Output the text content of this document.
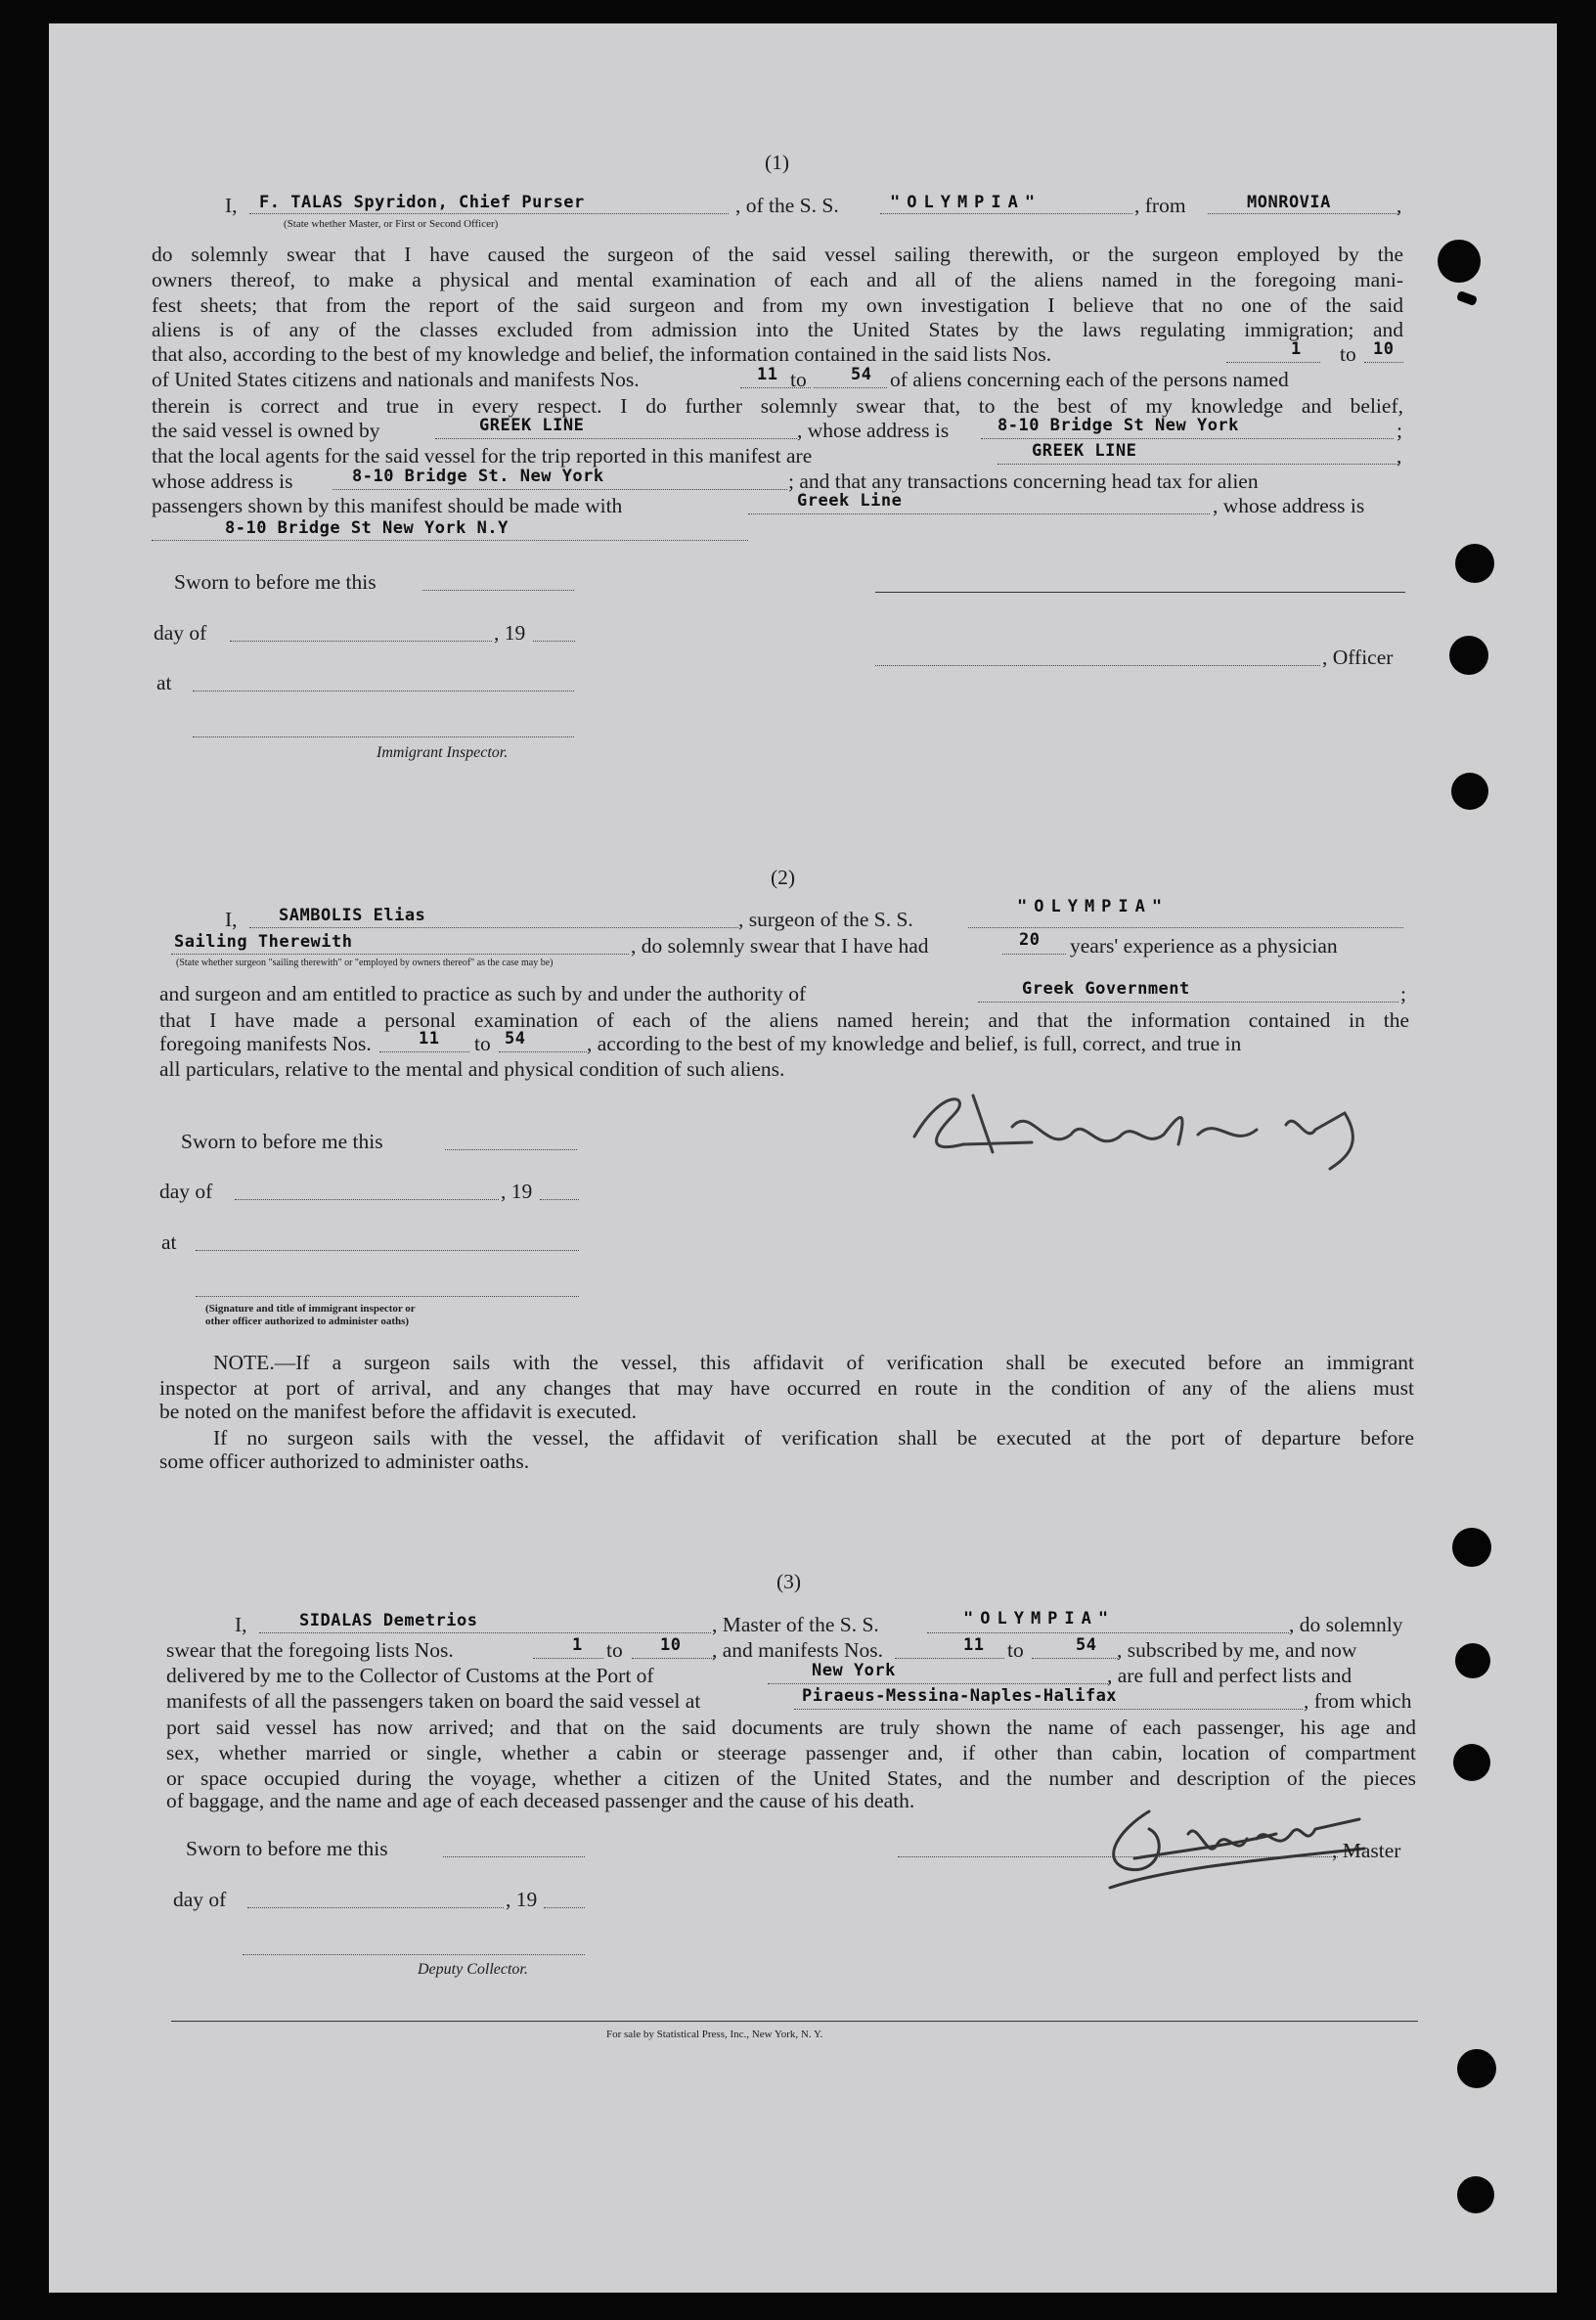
(1)
I, F. TALAS Spyridon, Chief Purser	, of the S. S.	"OLYMPIA"	, from	MONROVIA	,
(State whether Master, or First or Second Officer)
do solemnly swear that I have caused the surgeon of the said vessel sailing therewith, or the surgeon employed by the
owners thereof, to make a physical and mental examination of each and all of the aliens named in the foregoing mani-
fest sheets; that from the report of the said surgeon and from my own investigation I believe that no one of the said
aliens is of any of the classes excluded from admission into the United States by the laws regulating immigration; and
that also, according to the best of my knowledge and belief, the information contained in the said lists Nos.	1 to 10
of United States citizens and nationals and manifests Nos.	11 to	54 of aliens concerning each of the persons named
therein is correct and true in every respect. I do further solemnly swear that, to the best of my knowledge and belief,
the said vessel is owned by	GREEK LINE	, whose address is	8-10 Bridge St New York	;
that the local agents for the said vessel for the trip reported in this manifest are	GREEK LINE	,
whose address is	8-10 Bridge St. New York	; and that any transactions concerning head tax for alien
passengers shown by this manifest should be made with	Greek Line	, whose address is
8-10 Bridge St New York N.Y
Sworn to before me this
day of	, 19
, Officer
at
Immigrant Inspector.
(2)
I, SAMBOLIS Elias	, surgeon of the S. S.
"OLYMPIA"
Sailing Therewith	, do solemnly swear that I have had	20 years' experience as a physician
(State whether surgeon "sailing therewith" or "employed by owners thereof" as the case may be)
and surgeon and am entitled to practice as such by and under the authority of	Greek Government	;
that I have made a personal examination of each of the aliens named herein; and that the information contained in the
foregoing manifests Nos.	11 to 54	, according to the best of my knowledge and belief, is full, correct, and true in
all particulars, relative to the mental and physical condition of such aliens.
Sworn to before me this
day of	, 19
at
(Signature and title of immigrant inspector or
other officer authorized to administer oaths)
NOTE.—If a surgeon sails with the vessel, this affidavit of verification shall be executed before an immigrant
inspector at port of arrival, and any changes that may have occurred en route in the condition of any of the aliens must
be noted on the manifest before the affidavit is executed.
If no surgeon sails with the vessel, the affidavit of verification shall be executed at the port of departure before
some officer authorized to administer oaths.
(3)
I,	SIDALAS Demetrios	, Master of the S. S.	"OLYMPIA"	, do solemnly
swear that the foregoing lists Nos.	1 to 10 , and manifests Nos.	11 to	54 , subscribed by me, and now
delivered by me to the Collector of Customs at the Port of	New York	, are full and perfect lists and
manifests of all the passengers taken on board the said vessel at	Piraeus-Messina-Naples-Halifax	, from which
port said vessel has now arrived; and that on the said documents are truly shown the name of each passenger, his age and
sex, whether married or single, whether a cabin or steerage passenger and, if other than cabin, location of compartment
or space occupied during the voyage, whether a citizen of the United States, and the number and description of the pieces
of baggage, and the name and age of each deceased passenger and the cause of his death.
Sworn to before me this	, Master
day of	, 19
Deputy Collector.
For sale by Statistical Press, Inc., New York, N. Y.
